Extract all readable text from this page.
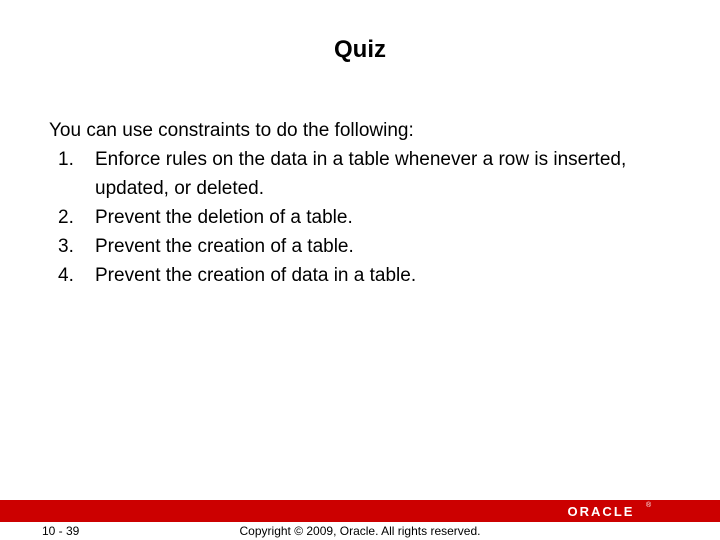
Quiz

You can use constraints to do the following:

1. Enforce rules on the data in a table whenever a row is inserted, updated, or deleted.
2. Prevent the deletion of a table.
3. Prevent the creation of a table.
4. Prevent the creation of data in a table.
ORACLE ®
10 - 39	Copyright © 2009, Oracle. All rights reserved.
